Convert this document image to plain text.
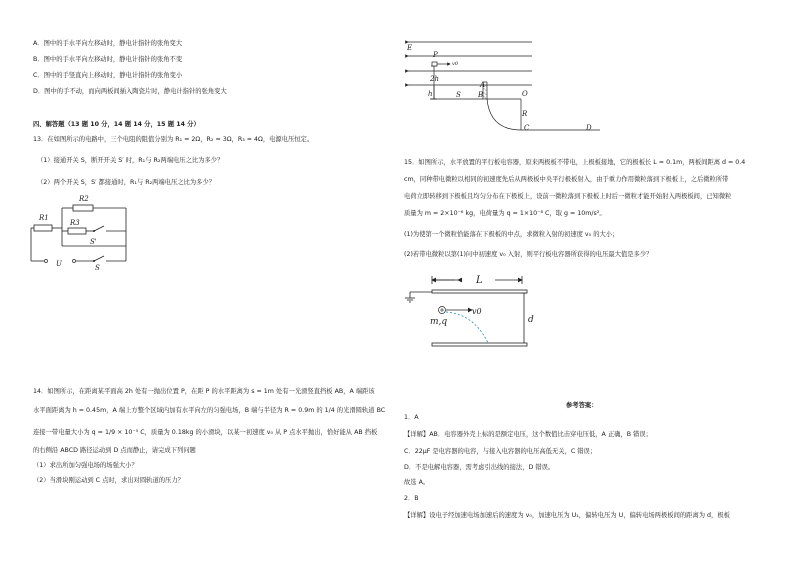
A．图中的手水平向左移动时，静电计指针的张角变大
B．图中的手水平向左移动时，静电计指针的张角不变
C．图中的手竖直向上移动时，静电计指针的张角变小
D．图中的手不动，而向两板间插入陶瓷片时，静电计指针的张角变大
四、解答题（13 题 10 分，14 题 14 分，15 题 14 分）
13．在如图所示的电路中，三个电阻的阻值分别为 R₁ = 2Ω，R₂ = 3Ω，R₃ = 4Ω，电源电压恒定。
（1）接通开关 S，断开开关 S′ 时，R₁与 R₂两端电压之比为多少？
（2）两个开关 S，S′ 都接通时，R₁与 R₂两端电压之比为多少？
R1
R2
R3
S'
U	S
14．如图所示，在距离某平面高 2h 处有一抛出位置 P，在距 P 的水平距离为 s = 1m 处有一光滑竖直挡板 AB，A 端距该
水平面距离为 h = 0.45m，A 端上方整个区域内加有水平向左的匀强电场，B 端与半径为 R = 0.9m 的 1/4 的光滑圆轨道 BC
连接一带电量大小为 q = 1/9 × 10⁻⁵ C，质量为 0.18kg 的小滑块，以某一初速度 v₀ 从 P 点水平抛出，恰好能从 AB 挡板
的右侧沿 ABCD 路径运动到 D 点而静止，请完成下列问题
（1）求出所加匀强电场的场强大小？
（2）当滑块刚运动到 C 点时，求出对圆轨道的压力？
E
P
v0
2h
h	S
A
B	O
R
C	D
15．如图所示，水平放置的平行板电容器，原来两极板不带电，上极板接地，它的极板长 L = 0.1m，两板间距离 d = 0.4
cm，同种带电微粒以相同的初速度先后从两极板中央平行极板射入，由于重力作用微粒落到下极板上，之后微粒所带
电荷立即转移到下极板且均匀分布在下极板上，设前一微粒落到下极板上时后一微粒才能开始射入两极板间，已知微粒
质量为 m = 2×10⁻⁶ kg，电荷量为 q = 1×10⁻⁸ C，取 g = 10m/s²。
(1)为使第一个微粒恰能落在下极板的中点，求微粒入射的初速度 v₀ 的大小；
(2)若带电微粒以第(1)问中初速度 v₀ 入射，则平行板电容器所获得的电压最大值是多少？
L
v0
m,q	d
参考答案：
1．A
【详解】AB．电容器外壳上标的是额定电压，这个数值比击穿电压低，A 正确，B 错误；
C．22μF 是电容器的电容，与接入电容器的电压高低无关，C 错误；
D．不是电解电容器，需考虑引出线的接法，D 错误。
故选 A。
2．B
【详解】设电子经加速电场加速后的速度为 v₀，加速电压为 U₁，偏转电压为 U，偏转电场两极板间的距离为 d，极板
